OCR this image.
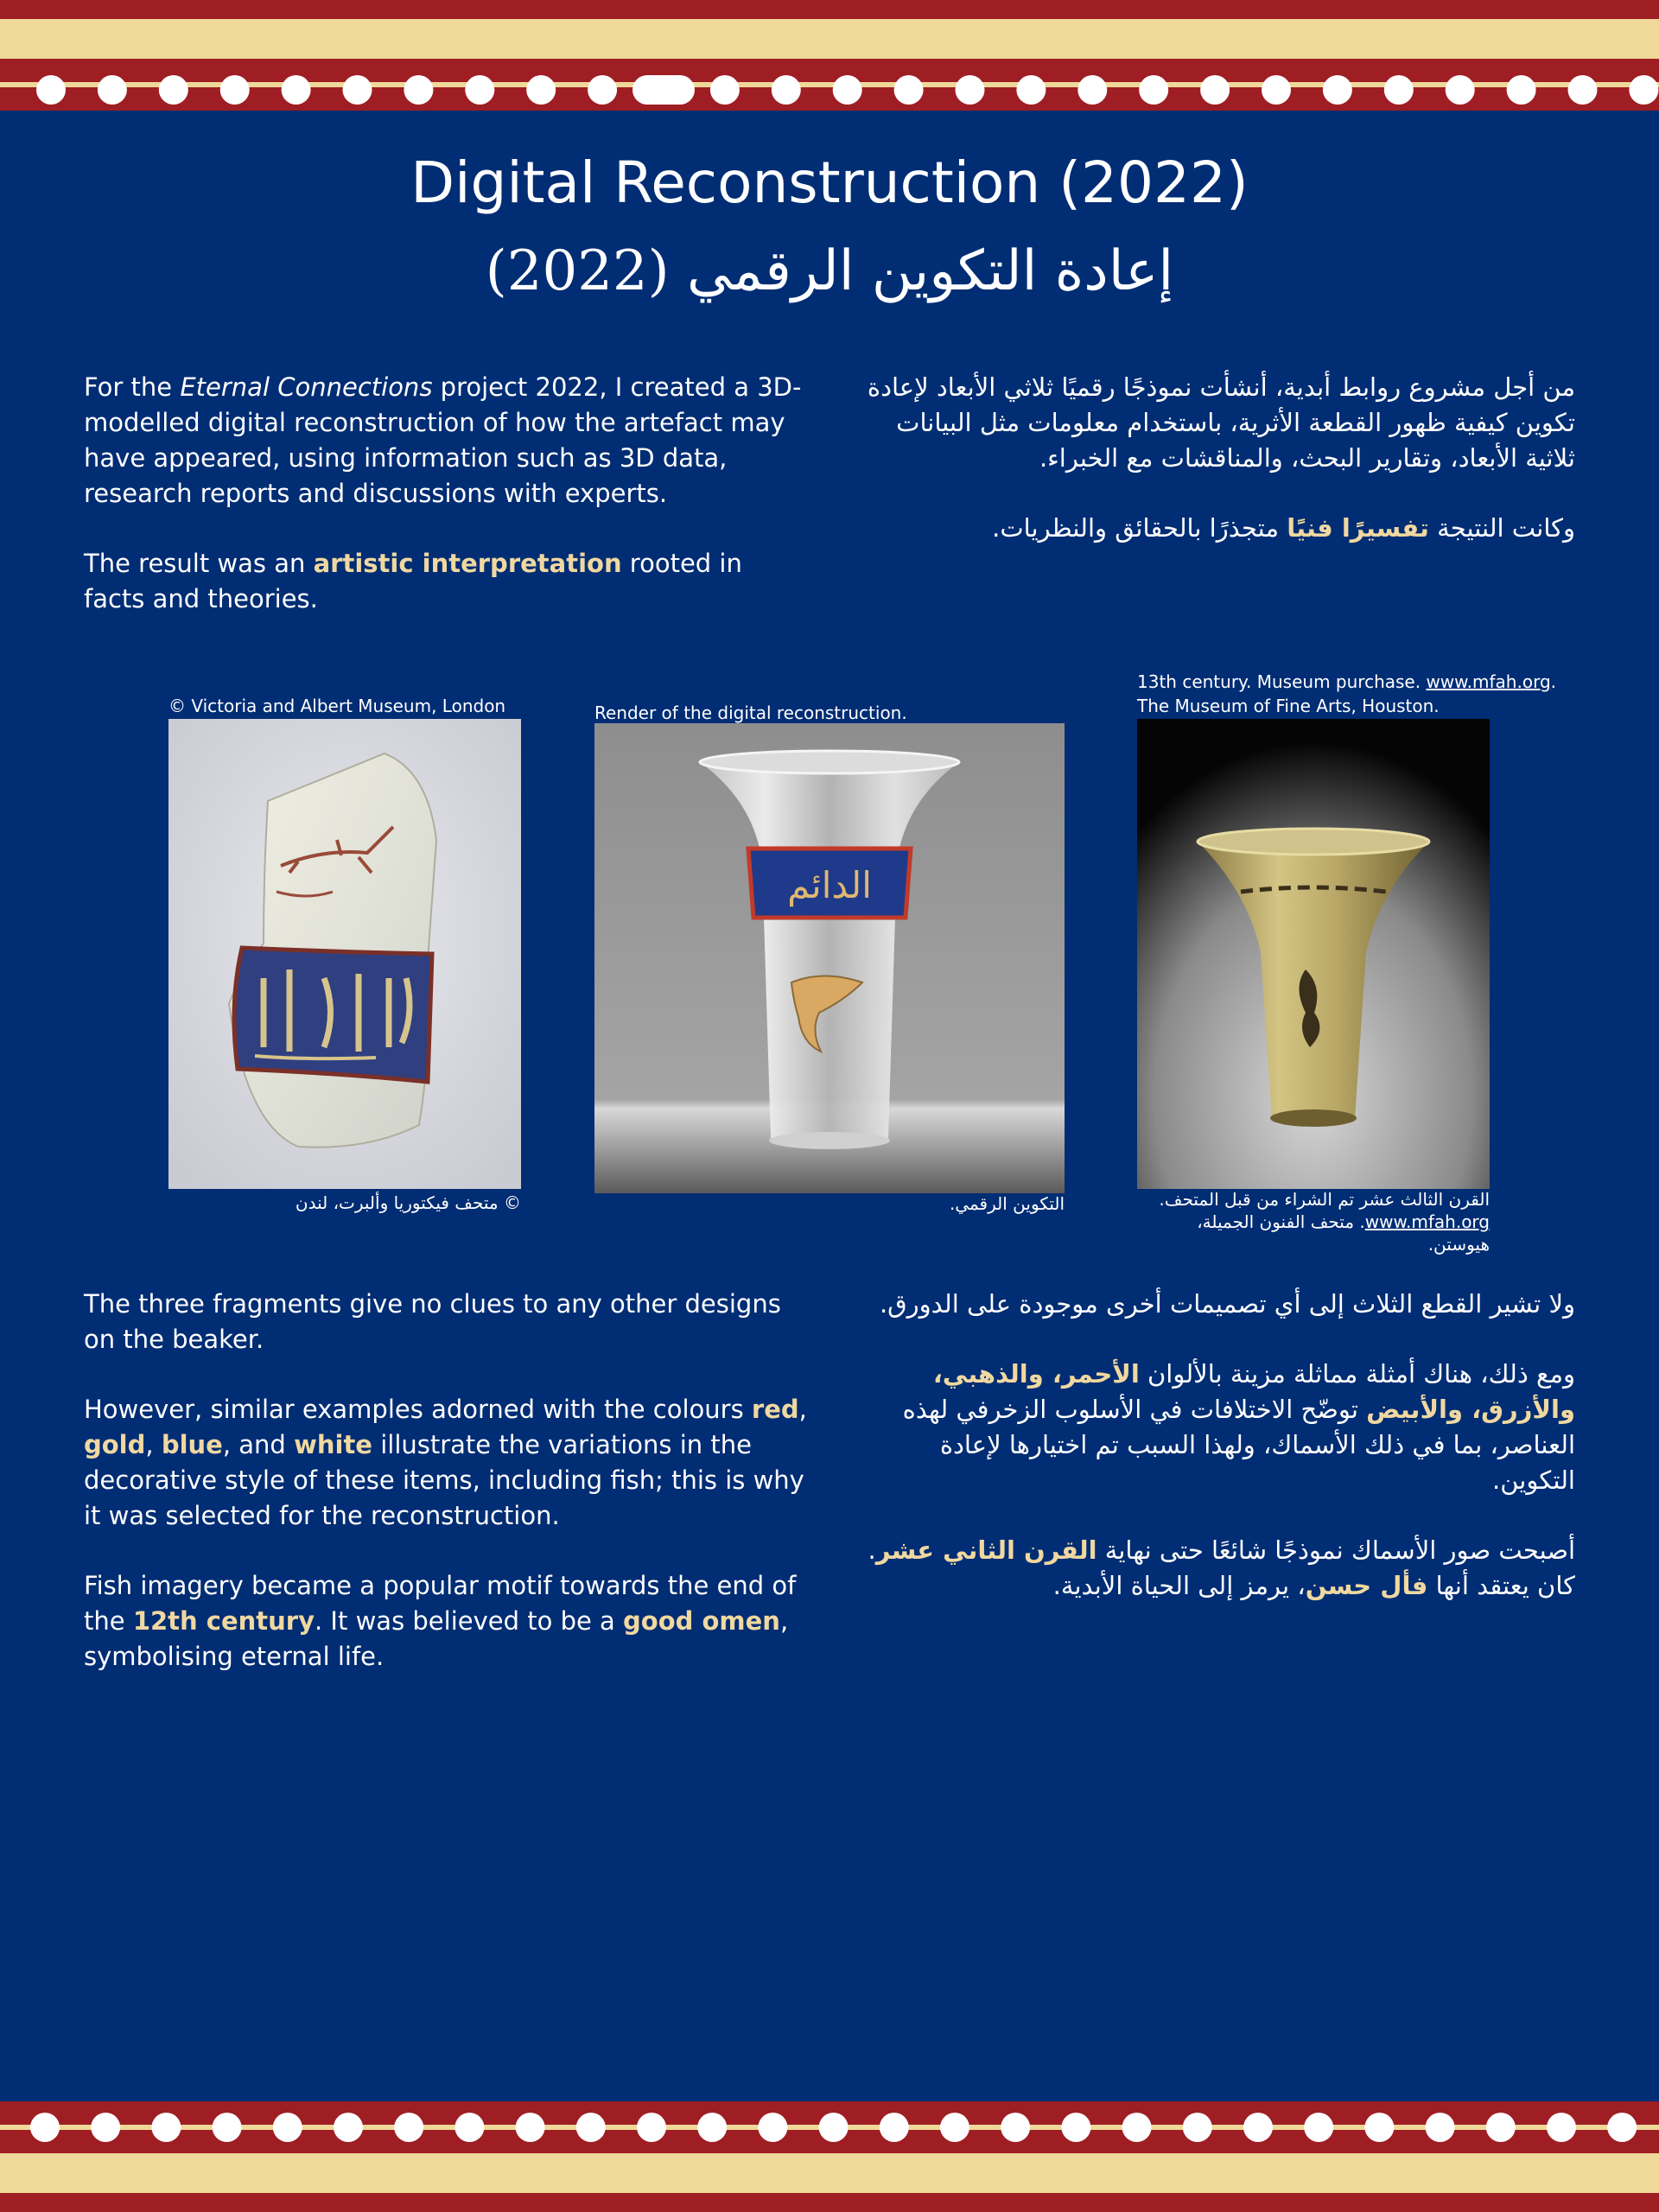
Digital Reconstruction (2022)
إعادة التكوين الرقمي (2022)

For the Eternal Connections project 2022, I created a 3D-modelled digital reconstruction of how the artefact may have appeared, using information such as 3D data, research reports and discussions with experts.

The result was an artistic interpretation rooted in facts and theories.

من أجل مشروع روابط أبدية، أنشأت نموذجًا رقميًا ثلاثي الأبعاد لإعادة تكوين كيفية ظهور القطعة الأثرية، باستخدام معلومات مثل البيانات ثلاثية الأبعاد، وتقارير البحث، والمناقشات مع الخبراء.

وكانت النتيجة تفسيرًا فنيًا متجذرًا بالحقائق والنظريات.

© Victoria and Albert Museum, London
© متحف فيكتوريا وألبرت، لندن
Render of the digital reconstruction.
الدائم
التكوين الرقمي.
13th century. Museum purchase. www.mfah.org.
The Museum of Fine Arts, Houston.
القرن الثالث عشر تم الشراء من قبل المتحف.
www.mfah.org. متحف الفنون الجميلة، هيوستن.

The three fragments give no clues to any other designs on the beaker.

However, similar examples adorned with the colours red, gold, blue, and white illustrate the variations in the decorative style of these items, including fish; this is why it was selected for the reconstruction.

Fish imagery became a popular motif towards the end of the 12th century. It was believed to be a good omen, symbolising eternal life.

ولا تشير القطع الثلاث إلى أي تصميمات أخرى موجودة على الدورق.

ومع ذلك، هناك أمثلة مماثلة مزينة بالألوان الأحمر، والذهبي، والأزرق، والأبيض توضّح الاختلافات في الأسلوب الزخرفي لهذه العناصر، بما في ذلك الأسماك، ولهذا السبب تم اختيارها لإعادة التكوين.

أصبحت صور الأسماك نموذجًا شائعًا حتى نهاية القرن الثاني عشر. كان يعتقد أنها فأل حسن، يرمز إلى الحياة الأبدية.
